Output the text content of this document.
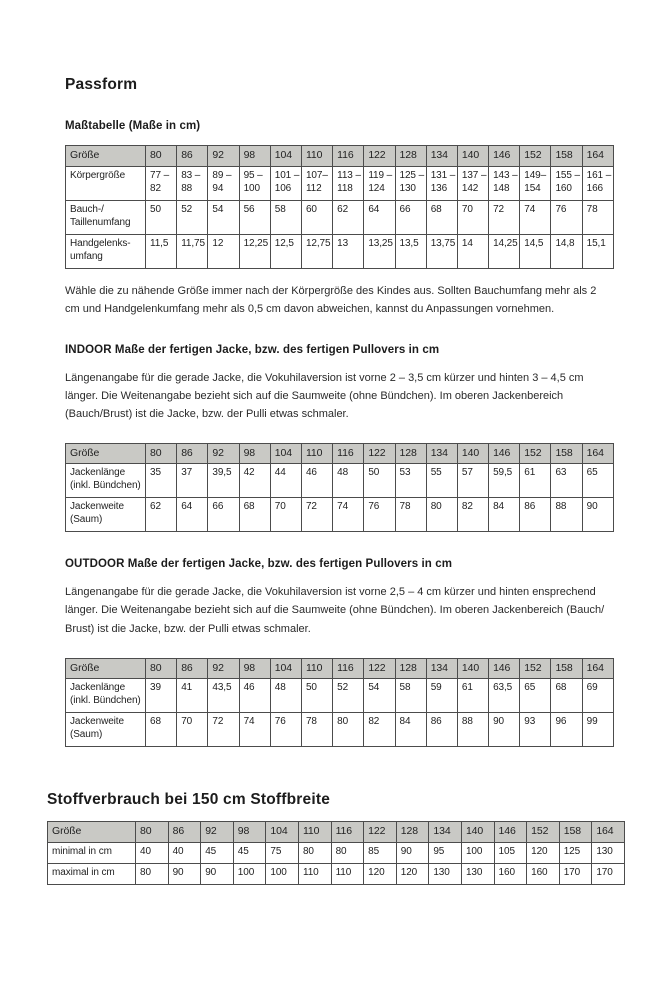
Passform
Maßtabelle (Maße in cm)
Größe	80	86	92	98	104	110	116	122	128	134	140	146	152	158	164
Körpergröße	77 – 82	83 – 88	89 – 94	95 – 100	101 – 106	107– 112	113 – 118	119 – 124	125 – 130	131 – 136	137 – 142	143 – 148	149– 154	155 – 160	161 – 166
Bauch-/ Taillenumfang	50	52	54	56	58	60	62	64	66	68	70	72	74	76	78
Handgelenks- umfang	11,5	11,75	12	12,25	12,5	12,75	13	13,25	13,5	13,75	14	14,25	14,5	14,8	15,1

Wähle die zu nähende Größe immer nach der Körpergröße des Kindes aus. Sollten Bauchumfang mehr als 2 cm und Handgelenkumfang mehr als 0,5 cm davon abweichen, kannst du Anpassungen vornehmen.

INDOOR Maße der fertigen Jacke, bzw. des fertigen Pullovers in cm

Längenangabe für die gerade Jacke, die Vokuhilaversion ist vorne 2 – 3,5 cm kürzer und hinten 3 – 4,5 cm länger. Die Weitenangabe bezieht sich auf die Saumweite (ohne Bündchen). Im oberen Jackenbereich (Bauch/Brust) ist die Jacke, bzw. der Pulli etwas schmaler.

Größe	80	86	92	98	104	110	116	122	128	134	140	146	152	158	164
Jackenlänge (inkl. Bündchen)	35	37	39,5	42	44	46	48	50	53	55	57	59,5	61	63	65
Jackenweite (Saum)	62	64	66	68	70	72	74	76	78	80	82	84	86	88	90
OUTDOOR Maße der fertigen Jacke, bzw. des fertigen Pullovers in cm

Längenangabe für die gerade Jacke, die Vokuhilaversion ist vorne 2,5 – 4 cm kürzer und hinten ensprechend länger. Die Weitenangabe bezieht sich auf die Saumweite (ohne Bündchen). Im oberen Jackenbereich (Bauch/ Brust) ist die Jacke, bzw. der Pulli etwas schmaler.

Größe	80	86	92	98	104	110	116	122	128	134	140	146	152	158	164
Jackenlänge (inkl. Bündchen)	39	41	43,5	46	48	50	52	54	58	59	61	63,5	65	68	69
Jackenweite (Saum)	68	70	72	74	76	78	80	82	84	86	88	90	93	96	99
Stoffverbrauch bei 150 cm Stoffbreite
Größe	80	86	92	98	104	110	116	122	128	134	140	146	152	158	164
minimal in cm	40	40	45	45	75	80	80	85	90	95	100	105	120	125	130
maximal in cm	80	90	90	100	100	110	110	120	120	130	130	160	160	170	170
